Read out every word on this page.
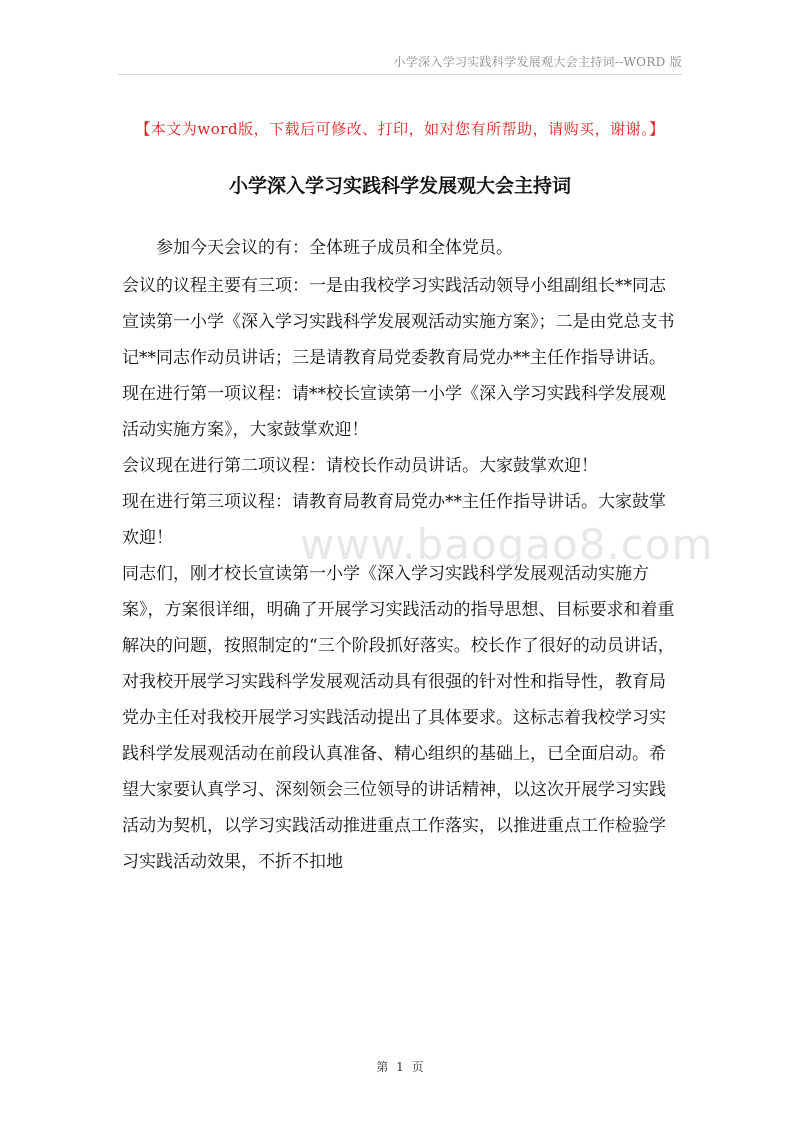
小学深入学习实践科学发展观大会主持词--WORD 版
【本文为word版，下载后可修改、打印，如对您有所帮助，请购买，谢谢。】
小学深入学习实践科学发展观大会主持词

参加今天会议的有：全体班子成员和全体党员。

会议的议程主要有三项：一是由我校学习实践活动领导小组副组长**同志宣读第一小学《深入学习实践科学发展观活动实施方案》；二是由党总支书记**同志作动员讲话；三是请教育局党委教育局党办**主任作指导讲话。

现在进行第一项议程：请**校长宣读第一小学《深入学习实践科学发展观活动实施方案》，大家鼓掌欢迎！

会议现在进行第二项议程：请校长作动员讲话。大家鼓掌欢迎！

现在进行第三项议程：请教育局教育局党办**主任作指导讲话。大家鼓掌欢迎！

同志们，刚才校长宣读第一小学《深入学习实践科学发展观活动实施方案》，方案很详细，明确了开展学习实践活动的指导思想、目标要求和着重解决的问题，按照制定的“三个阶段抓好落实。校长作了很好的动员讲话，对我校开展学习实践科学发展观活动具有很强的针对性和指导性，教育局党办主任对我校开展学习实践活动提出了具体要求。这标志着我校学习实践科学发展观活动在前段认真准备、精心组织的基础上，已全面启动。希望大家要认真学习、深刻领会三位领导的讲话精神，以这次开展学习实践活动为契机，以学习实践活动推进重点工作落实，以推进重点工作检验学习实践活动效果，不折不扣地

www.baogao8.com
第 1 页
